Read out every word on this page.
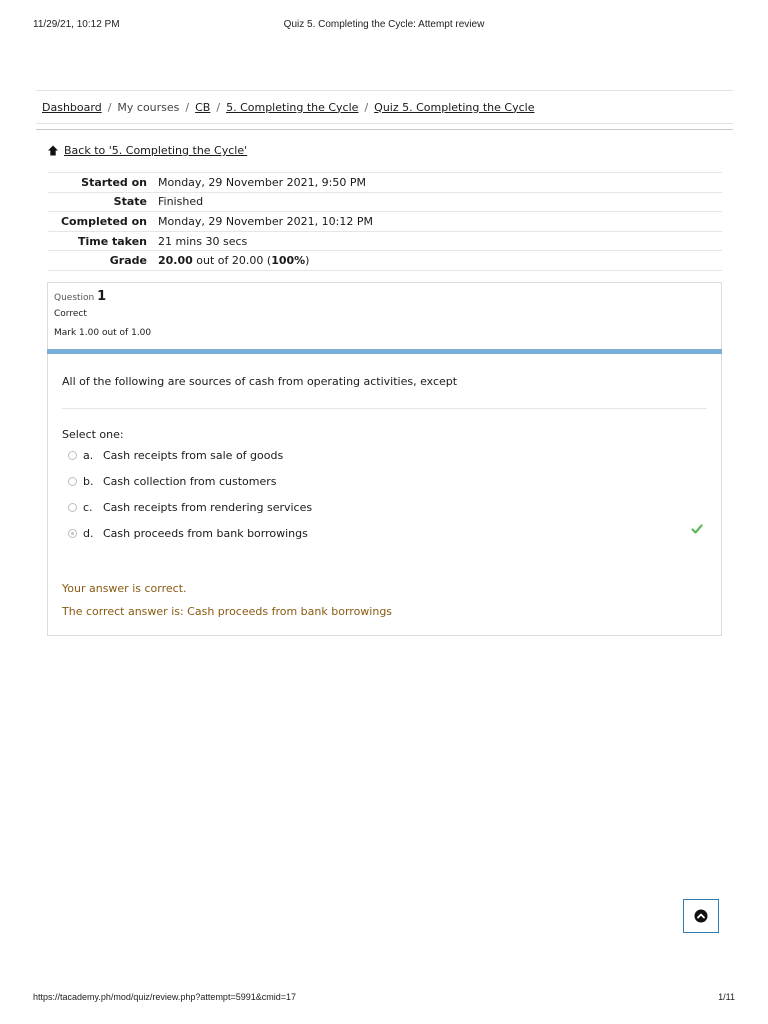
11/29/21, 10:12 PM	Quiz 5. Completing the Cycle: Attempt review
Dashboard / My courses / CB / 5. Completing the Cycle / Quiz 5. Completing the Cycle
Back to '5. Completing the Cycle'
Started on	Monday, 29 November 2021, 9:50 PM
State	Finished
Completed on	Monday, 29 November 2021, 10:12 PM
Time taken	21 mins 30 secs
Grade	20.00 out of 20.00 (100%)
Question 1
Correct
Mark 1.00 out of 1.00
All of the following are sources of cash from operating activities, except
Select one:
a. Cash receipts from sale of goods
b. Cash collection from customers
c. Cash receipts from rendering services
d. Cash proceeds from bank borrowings
Your answer is correct.
The correct answer is: Cash proceeds from bank borrowings
https://tacademy.ph/mod/quiz/review.php?attempt=5991&cmid=17	1/11
